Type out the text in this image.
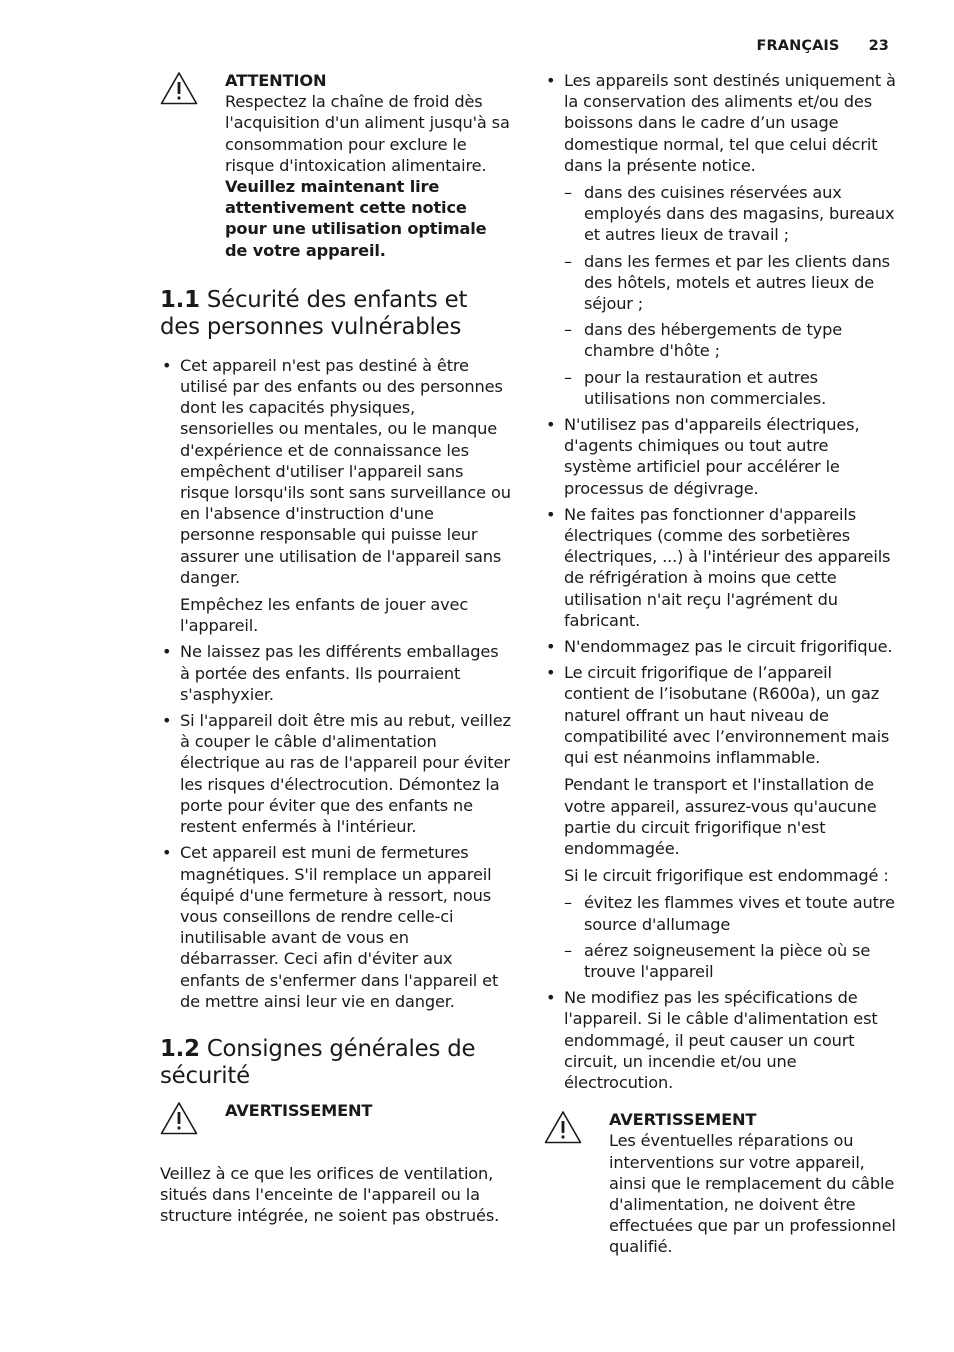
FRANÇAIS 23
ATTENTION
Respectez la chaîne de froid dès l'acquisition d'un aliment jusqu'à sa consommation pour exclure le risque d'intoxication alimentaire.
Veuillez maintenant lire attentivement cette notice pour une utilisation optimale de votre appareil.
1.1 Sécurité des enfants et des personnes vulnérables

• Cet appareil n'est pas destiné à être utilisé par des enfants ou des personnes dont les capacités physiques, sensorielles ou mentales, ou le manque d'expérience et de connaissance les empêchent d'utiliser l'appareil sans risque lorsqu'ils sont sans surveillance ou en l'absence d'instruction d'une personne responsable qui puisse leur assurer une utilisation de l'appareil sans danger.

Empêchez les enfants de jouer avec l'appareil.

• Ne laissez pas les différents emballages à portée des enfants. Ils pourraient s'asphyxier.

• Si l'appareil doit être mis au rebut, veillez à couper le câble d'alimentation électrique au ras de l'appareil pour éviter les risques d'électrocution. Démontez la porte pour éviter que des enfants ne restent enfermés à l'intérieur.

• Cet appareil est muni de fermetures magnétiques. S'il remplace un appareil équipé d'une fermeture à ressort, nous vous conseillons de rendre celle-ci inutilisable avant de vous en débarrasser. Ceci afin d'éviter aux enfants de s'enfermer dans l'appareil et de mettre ainsi leur vie en danger.

1.2 Consignes générales de sécurité
AVERTISSEMENT

Veillez à ce que les orifices de ventilation, situés dans l'enceinte de l'appareil ou la structure intégrée, ne soient pas obstrués.

• Les appareils sont destinés uniquement à la conservation des aliments et/ou des boissons dans le cadre d’un usage domestique normal, tel que celui décrit dans la présente notice.

– dans des cuisines réservées aux employés dans des magasins, bureaux et autres lieux de travail ;
– dans les fermes et par les clients dans des hôtels, motels et autres lieux de séjour ;
– dans des hébergements de type chambre d'hôte ;
– pour la restauration et autres utilisations non commerciales.

• N'utilisez pas d'appareils électriques, d'agents chimiques ou tout autre système artificiel pour accélérer le processus de dégivrage.

• Ne faites pas fonctionner d'appareils électriques (comme des sorbetières électriques, ...) à l'intérieur des appareils de réfrigération à moins que cette utilisation n'ait reçu l'agrément du fabricant.

• N'endommagez pas le circuit frigorifique.

• Le circuit frigorifique de l’appareil contient de l’isobutane (R600a), un gaz naturel offrant un haut niveau de compatibilité avec l’environnement mais qui est néanmoins inflammable.

Pendant le transport et l'installation de votre appareil, assurez-vous qu'aucune partie du circuit frigorifique n'est endommagée.

Si le circuit frigorifique est endommagé :

– évitez les flammes vives et toute autre source d'allumage
– aérez soigneusement la pièce où se trouve l'appareil

• Ne modifiez pas les spécifications de l'appareil. Si le câble d'alimentation est endommagé, il peut causer un court circuit, un incendie et/ou une électrocution.

AVERTISSEMENT
Les éventuelles réparations ou interventions sur votre appareil, ainsi que le remplacement du câble d'alimentation, ne doivent être effectuées que par un professionnel qualifié.
